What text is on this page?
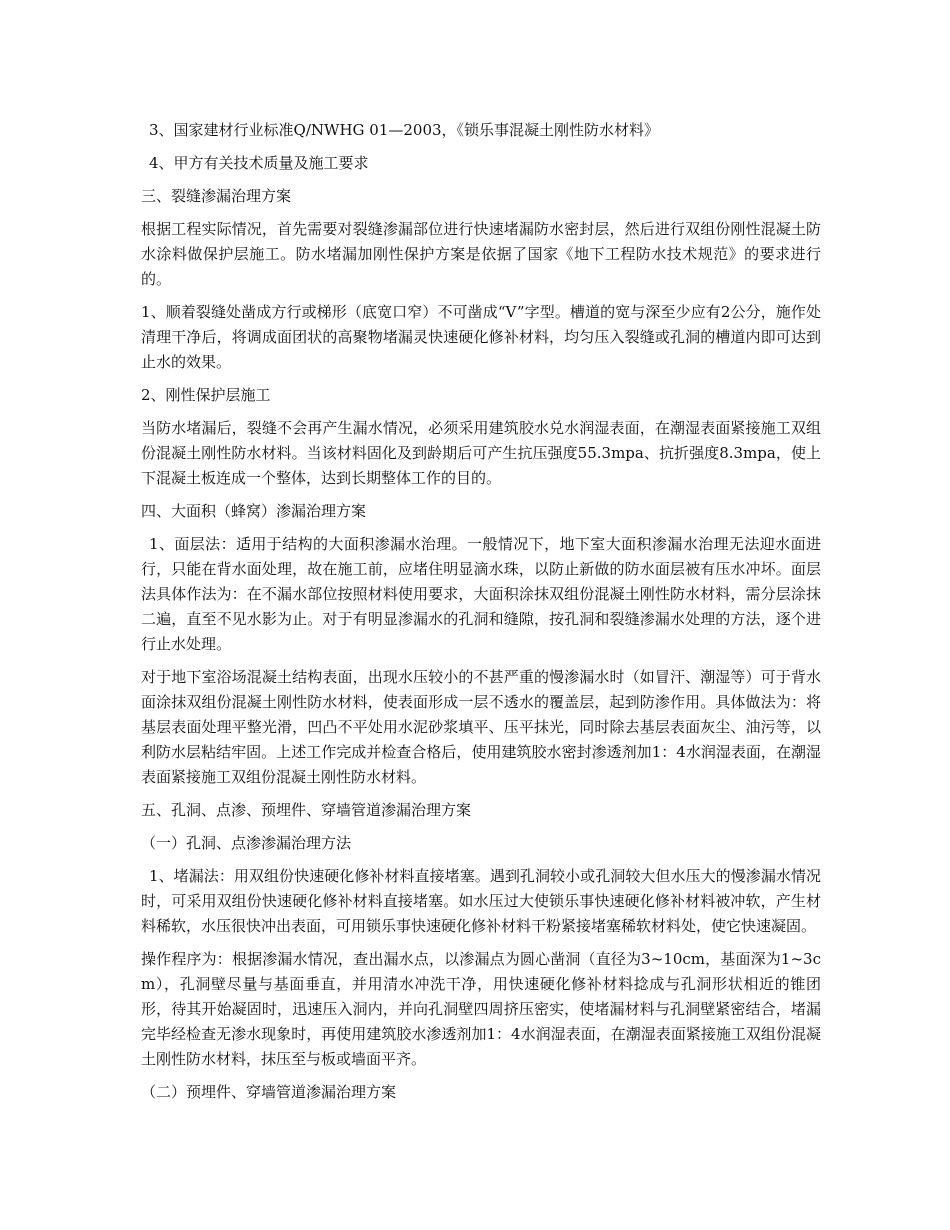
3、国家建材行业标准Q/NWHG 01—2003，《锁乐事混凝土刚性防水材料》

4、甲方有关技术质量及施工要求

三、裂缝渗漏治理方案

根据工程实际情况，首先需要对裂缝渗漏部位进行快速堵漏防水密封层，然后进行双组份刚性混凝土防水涂料做保护层施工。防水堵漏加刚性保护方案是依据了国家《地下工程防水技术规范》的要求进行的。

1、顺着裂缝处凿成方行或梯形（底宽口窄）不可凿成“V”字型。槽道的宽与深至少应有2公分，施作处清理干净后，将调成面团状的高聚物堵漏灵快速硬化修补材料，均匀压入裂缝或孔洞的槽道内即可达到止水的效果。

2、刚性保护层施工

当防水堵漏后，裂缝不会再产生漏水情况，必须采用建筑胶水兑水润湿表面，在潮湿表面紧接施工双组份混凝土刚性防水材料。当该材料固化及到龄期后可产生抗压强度55.3mpa、抗折强度8.3mpa，使上下混凝土板连成一个整体，达到长期整体工作的目的。

四、大面积（蜂窝）渗漏治理方案

1、面层法：适用于结构的大面积渗漏水治理。一般情况下，地下室大面积渗漏水治理无法迎水面进行，只能在背水面处理，故在施工前，应堵住明显滴水珠，以防止新做的防水面层被有压水冲坏。面层法具体作法为：在不漏水部位按照材料使用要求，大面积涂抹双组份混凝土刚性防水材料，需分层涂抹二遍，直至不见水影为止。对于有明显渗漏水的孔洞和缝隙，按孔洞和裂缝渗漏水处理的方法，逐个进行止水处理。

对于地下室浴场混凝土结构表面，出现水压较小的不甚严重的慢渗漏水时（如冒汗、潮湿等）可于背水面涂抹双组份混凝土刚性防水材料，使表面形成一层不透水的覆盖层，起到防渗作用。具体做法为：将基层表面处理平整光滑，凹凸不平处用水泥砂浆填平、压平抹光，同时除去基层表面灰尘、油污等，以利防水层粘结牢固。上述工作完成并检查合格后，使用建筑胶水密封渗透剂加1：4水润湿表面，在潮湿表面紧接施工双组份混凝土刚性防水材料。

五、孔洞、点渗、预埋件、穿墙管道渗漏治理方案

（一）孔洞、点渗渗漏治理方法

1、堵漏法：用双组份快速硬化修补材料直接堵塞。遇到孔洞较小或孔洞较大但水压大的慢渗漏水情况时，可采用双组份快速硬化修补材料直接堵塞。如水压过大使锁乐事快速硬化修补材料被冲软，产生材料稀软，水压很快冲出表面，可用锁乐事快速硬化修补材料干粉紧接堵塞稀软材料处，使它快速凝固。

操作程序为：根据渗漏水情况，查出漏水点，以渗漏点为圆心凿洞（直径为3~10cm，基面深为1~3cm），孔洞壁尽量与基面垂直，并用清水冲洗干净，用快速硬化修补材料捻成与孔洞形状相近的锥团形，待其开始凝固时，迅速压入洞内，并向孔洞壁四周挤压密实，使堵漏材料与孔洞壁紧密结合，堵漏完毕经检查无渗水现象时，再使用建筑胶水渗透剂加1：4水润湿表面，在潮湿表面紧接施工双组份混凝土刚性防水材料，抹压至与板或墙面平齐。

（二）预埋件、穿墙管道渗漏治理方案
